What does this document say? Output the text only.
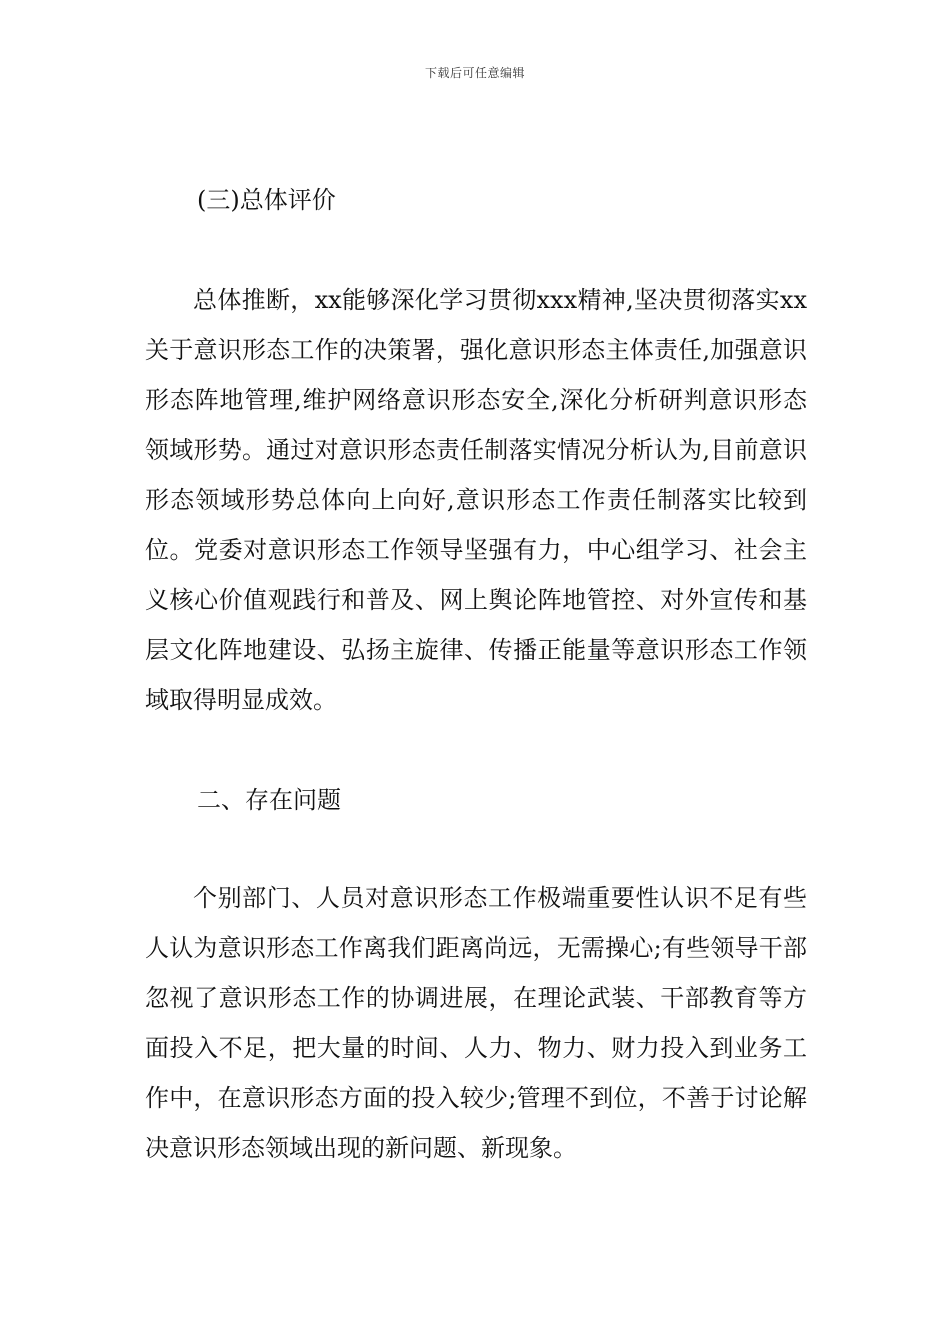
下载后可任意编辑
(三)总体评价
总体推断，xx能够深化学习贯彻xxx精神,坚决贯彻落实xx关于意识形态工作的决策署，强化意识形态主体责任,加强意识形态阵地管理,维护网络意识形态安全,深化分析研判意识形态领域形势。通过对意识形态责任制落实情况分析认为,目前意识形态领域形势总体向上向好,意识形态工作责任制落实比较到位。党委对意识形态工作领导坚强有力，中心组学习、社会主义核心价值观践行和普及、网上舆论阵地管控、对外宣传和基层文化阵地建设、弘扬主旋律、传播正能量等意识形态工作领域取得明显成效。
二、存在问题
个别部门、人员对意识形态工作极端重要性认识不足有些人认为意识形态工作离我们距离尚远，无需操心;有些领导干部忽视了意识形态工作的协调进展，在理论武装、干部教育等方面投入不足，把大量的时间、人力、物力、财力投入到业务工作中，在意识形态方面的投入较少;管理不到位，不善于讨论解决意识形态领域出现的新问题、新现象。
